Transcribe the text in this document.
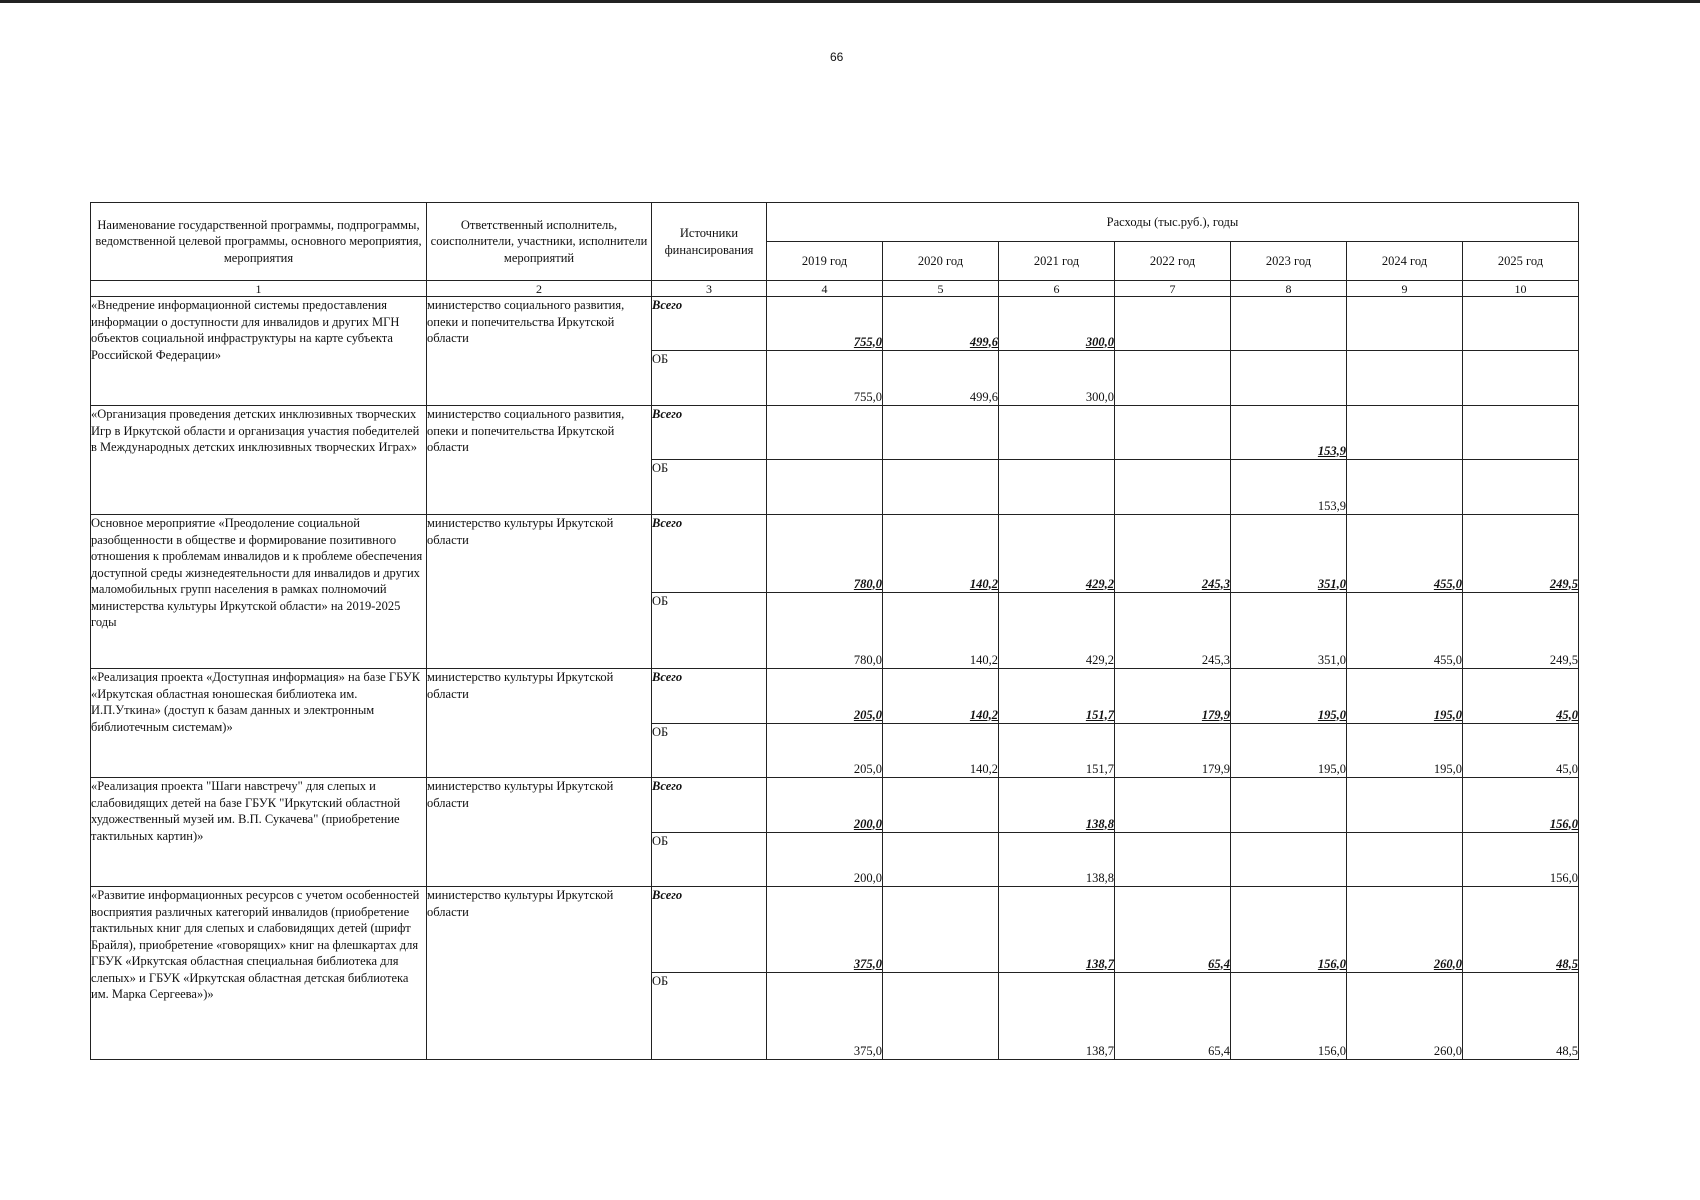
66
Наименование государственной программы, подпрограммы, ведомственной целевой программы, основного мероприятия, мероприятия	Ответственный исполнитель, соисполнители, участники, исполнители мероприятий	Источники финансирования	Расходы (тыс.руб.), годы						
			2019 год	2020 год	2021 год	2022 год	2023 год	2024 год	2025 год
1	2	3	4	5	6	7	8	9	10
«Внедрение информационной системы предоставления информации о доступности для инвалидов и других МГН объектов социальной инфраструктуры на карте субъекта Российской Федерации»	министерство социального развития, опеки и попечительства Иркутской области	Всего	755,0	499,6	300,0				
		ОБ	755,0	499,6	300,0				
«Организация проведения детских инклюзивных творческих Игр в Иркутской области и организация участия победителей в Международных детских инклюзивных творческих Играх»	министерство социального развития, опеки и попечительства Иркутской области	Всего					153,9		
		ОБ					153,9		
Основное мероприятие «Преодоление социальной разобщенности в обществе и формирование позитивного отношения к проблемам инвалидов и к проблеме обеспечения доступной среды жизнедеятельности для инвалидов и других маломобильных групп населения в рамках полномочий министерства культуры Иркутской области» на 2019-2025 годы	министерство культуры Иркутской области	Всего	780,0	140,2	429,2	245,3	351,0	455,0	249,5
		ОБ	780,0	140,2	429,2	245,3	351,0	455,0	249,5
«Реализация проекта «Доступная информация» на базе ГБУК «Иркутская областная юношеская библиотека им. И.П.Уткина» (доступ к базам данных и электронным библиотечным системам)»	министерство культуры Иркутской области	Всего	205,0	140,2	151,7	179,9	195,0	195,0	45,0
		ОБ	205,0	140,2	151,7	179,9	195,0	195,0	45,0
«Реализация проекта "Шаги навстречу" для слепых и слабовидящих детей на базе ГБУК "Иркутский областной художественный музей им. В.П. Сукачева" (приобретение тактильных картин)»	министерство культуры Иркутской области	Всего	200,0		138,8				156,0
		ОБ	200,0		138,8				156,0
«Развитие информационных ресурсов с учетом особенностей восприятия различных категорий инвалидов (приобретение тактильных книг для слепых и слабовидящих детей (шрифт Брайля), приобретение «говорящих» книг на флешкартах для ГБУК «Иркутская областная специальная библиотека для слепых» и ГБУК «Иркутская областная детская библиотека им. Марка Сергеева»)»	министерство культуры Иркутской области	Всего	375,0		138,7	65,4	156,0	260,0	48,5
		ОБ	375,0		138,7	65,4	156,0	260,0	48,5
